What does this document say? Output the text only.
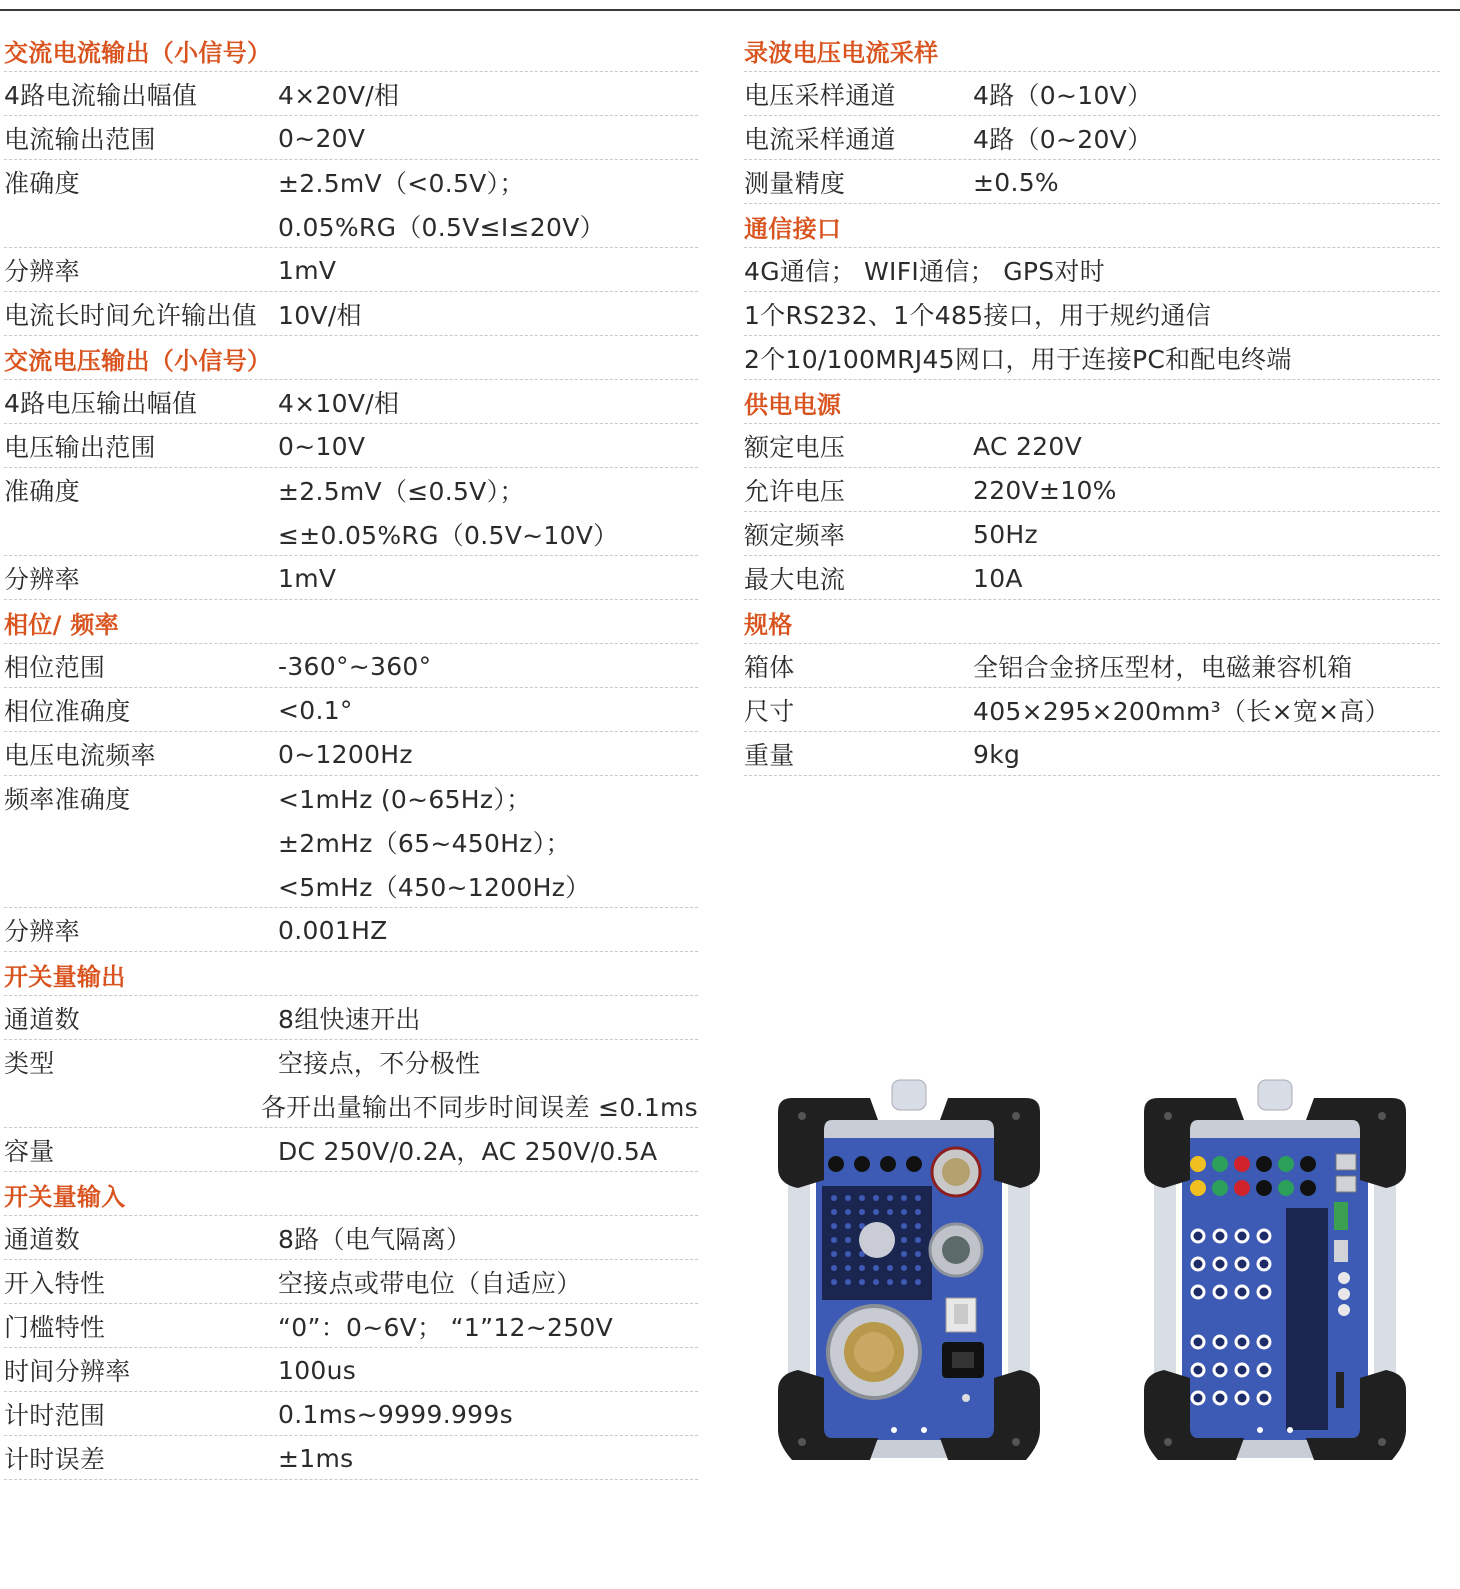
交流电流输出（小信号）
4路电流输出幅值	4×20V/相
电流输出范围	0~20V
准确度	±2.5mV（<0.5V）；
0.05%RG（0.5V≤I≤20V）
分辨率	1mV
电流长时间允许输出值 10V/相
交流电压输出（小信号）
4路电压输出幅值	4×10V/相
电压输出范围	0~10V
准确度	±2.5mV（≤0.5V）；
≤±0.05%RG（0.5V~10V）
分辨率	1mV
相位/ 频率
相位范围	-360°~360°
相位准确度	<0.1°
电压电流频率	0~1200Hz
频率准确度	<1mHz (0~65Hz）；
±2mHz（65~450Hz）；
<5mHz（450~1200Hz）
分辨率	0.001HZ
开关量输出
通道数	8组快速开出
类型	空接点，不分极性
各开出量输出不同步时间误差 ≤0.1ms
容量	DC 250V/0.2A，AC 250V/0.5A
开关量输入
通道数	8路（电气隔离）
开入特性	空接点或带电位（自适应）
门槛特性	“0”：0~6V； “1”12~250V
时间分辨率	100us
计时范围	0.1ms~9999.999s
计时误差	±1ms
录波电压电流采样
电压采样通道	4路（0~10V）
电流采样通道	4路（0~20V）
测量精度	±0.5%
通信接口
4G通信； WIFI通信； GPS对时
1个RS232、1个485接口，用于规约通信
2个10/100MRJ45网口，用于连接PC和配电终端
供电电源
额定电压	AC 220V
允许电压	220V±10%
额定频率	50Hz
最大电流	10A
规格
箱体	全铝合金挤压型材，电磁兼容机箱
尺寸	405×295×200mm³（长×宽×高）
重量	9kg
